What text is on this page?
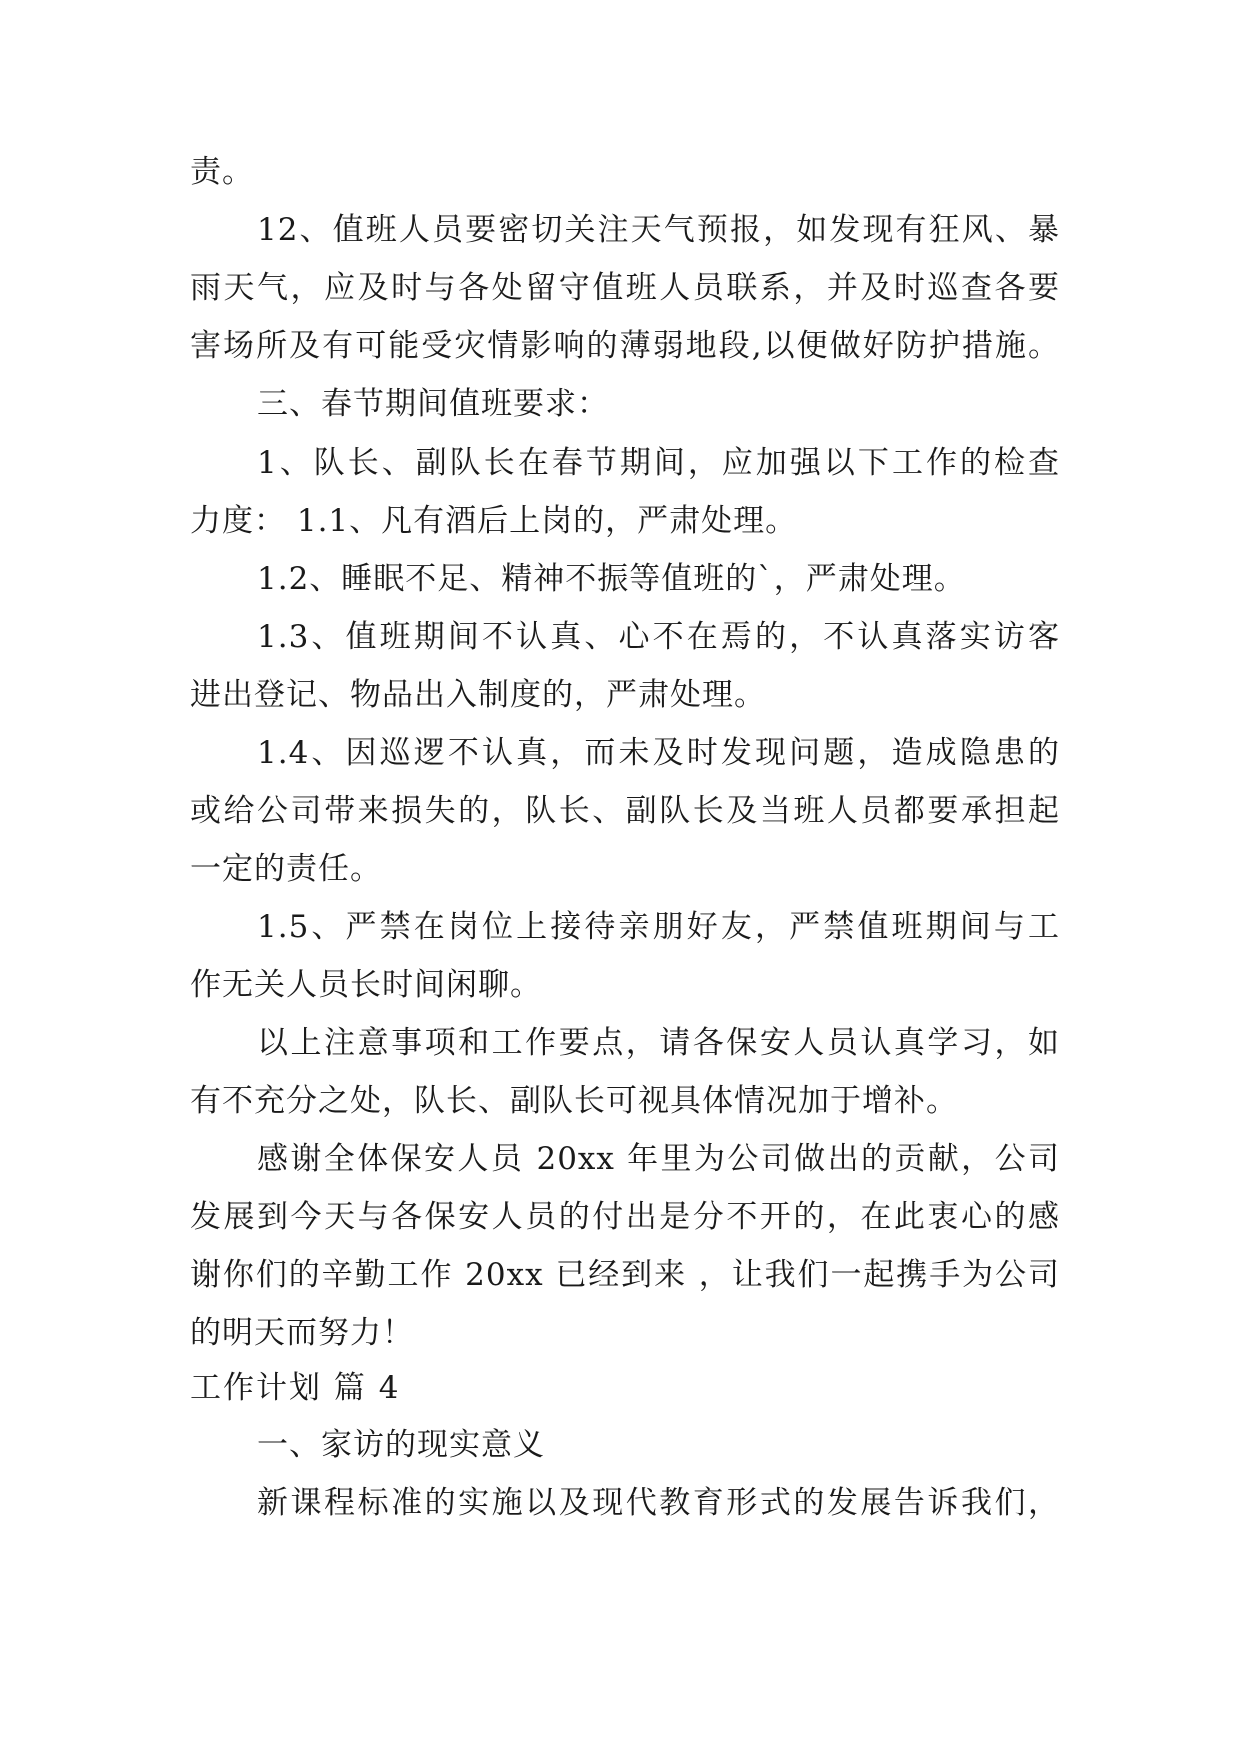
责。
12、值班人员要密切关注天气预报，如发现有狂风、暴
雨天气，应及时与各处留守值班人员联系，并及时巡查各要
害场所及有可能受灾情影响的薄弱地段,以便做好防护措施。
三、春节期间值班要求：
1、队长、副队长在春节期间，应加强以下工作的检查
力度： 1.1、凡有酒后上岗的，严肃处理。
1.2、睡眠不足、精神不振等值班的`，严肃处理。
1.3、值班期间不认真、心不在焉的，不认真落实访客
进出登记、物品出入制度的，严肃处理。
1.4、因巡逻不认真，而未及时发现问题，造成隐患的
或给公司带来损失的，队长、副队长及当班人员都要承担起
一定的责任。
1.5、严禁在岗位上接待亲朋好友，严禁值班期间与工
作无关人员长时间闲聊。
以上注意事项和工作要点，请各保安人员认真学习，如
有不充分之处，队长、副队长可视具体情况加于增补。
感谢全体保安人员 20xx 年里为公司做出的贡献，公司
发展到今天与各保安人员的付出是分不开的，在此衷心的感
谢你们的辛勤工作 20xx 已经到来 ，让我们一起携手为公司
的明天而努力！
工作计划 篇 4
一、家访的现实意义
新课程标准的实施以及现代教育形式的发展告诉我们，
